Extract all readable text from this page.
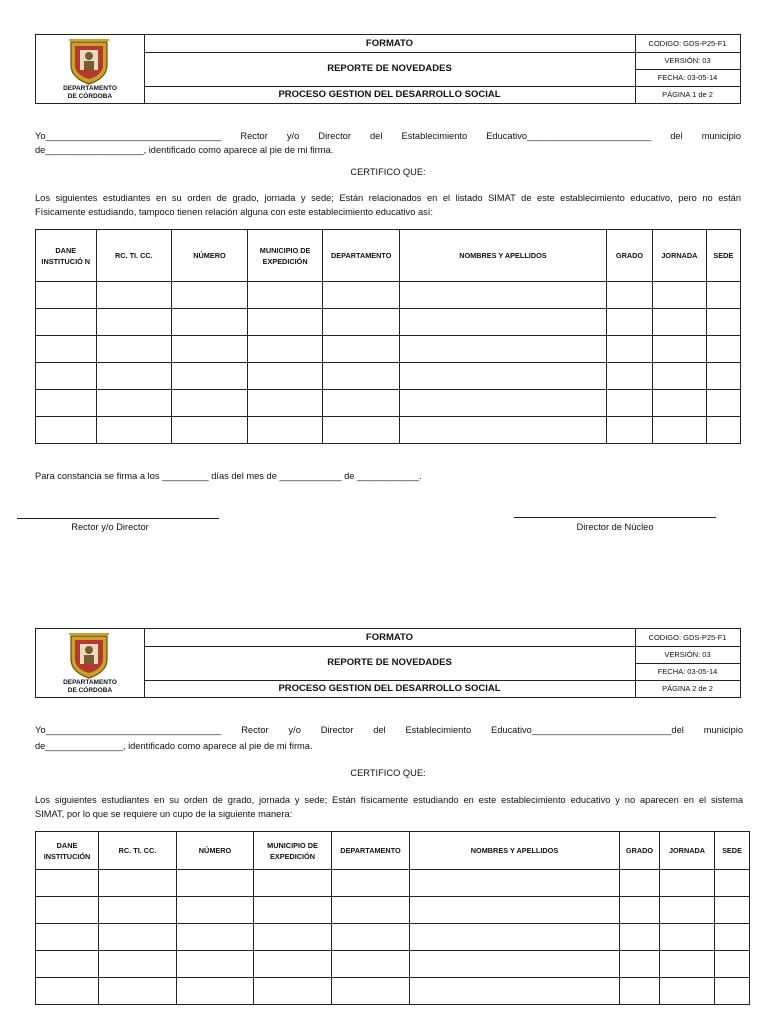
DEPARTAMENTO
DE CÓRDOBA
FORMATO
REPORTE DE NOVEDADES
PROCESO GESTION DEL DESARROLLO SOCIAL
CODIGO: GDS-P25-F1
VERSIÓN: 03
FECHA: 03-05-14
PÁGINA 1 de 2
Yo__________________________________ Rector y/o Director del Establecimiento Educativo________________________ del municipio
de___________________, identificado como aparece al pie de mi firma.
CERTIFICO QUE:
Los siguientes estudiantes en su orden de grado, jornada y sede; Están relacionados en el listado SIMAT de este establecimiento educativo, pero no están
Físicamente estudiando, tampoco tienen relación alguna con este establecimiento educativo así:
DANE INSTITUCIÓ N	RC. TI. CC.	NÚMERO	MUNICIPIO DE EXPEDICIÓN	DEPARTAMENTO	NOMBRES Y APELLIDOS	GRADO	JORNADA	SEDE

Para constancia se firma a los _________ días del mes de ____________ de ____________.
Rector y/o Director	Director de Núcleo
DEPARTAMENTO
DE CÓRDOBA
FORMATO
REPORTE DE NOVEDADES
PROCESO GESTION DEL DESARROLLO SOCIAL
CODIGO: GDS-P25-F1
VERSIÓN: 03
FECHA: 03-05-14
PÁGINA 2 de 2
Yo__________________________________ Rector y/o Director del Establecimiento Educativo___________________________del municipio
de_______________, identificado como aparece al pie de mi firma.
CERTIFICO QUE:
Los siguientes estudiantes en su orden de grado, jornada y sede; Están físicamente estudiando en este establecimiento educativo y no aparecen en el sistema
SIMAT, por lo que se requiere un cupo de la siguiente manera:
DANE INSTITUCIÓN	RC. TI. CC.	NÚMERO	MUNICIPIO DE EXPEDICIÓN	DEPARTAMENTO	NOMBRES Y APELLIDOS	GRADO	JORNADA	SEDE
